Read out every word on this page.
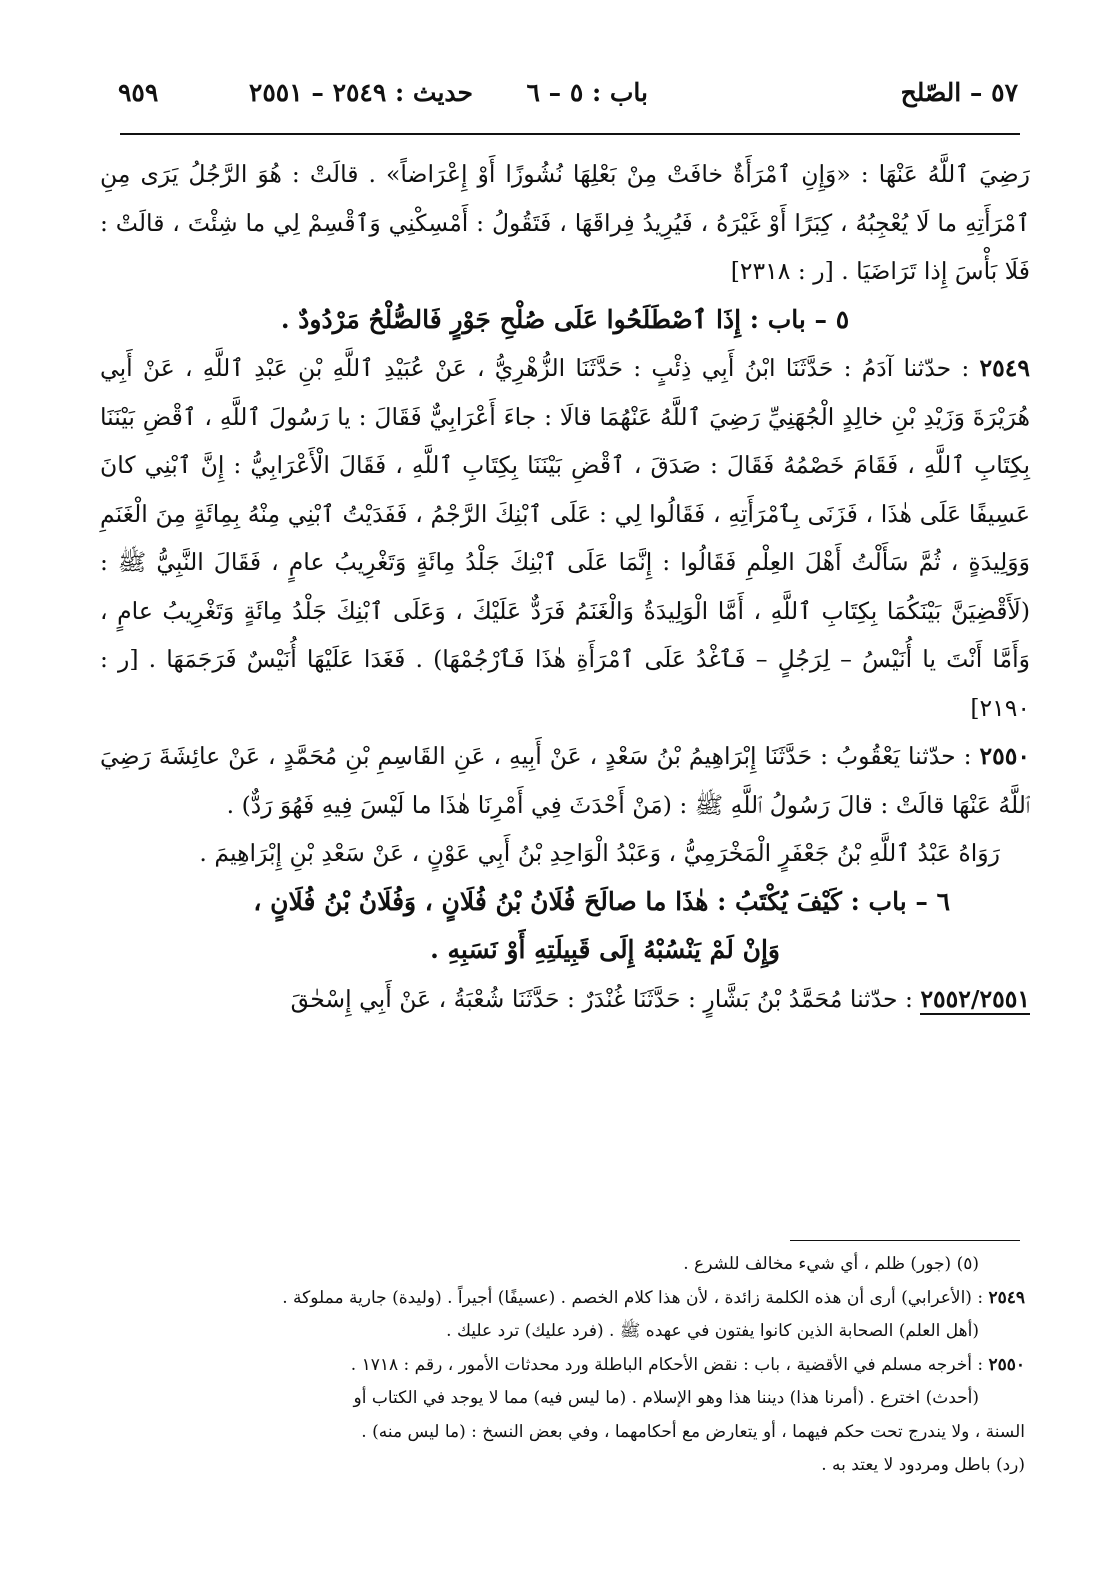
٥٧ – الصّلح
باب : ٥ – ٦
حديث : ٢٥٤٩ – ٢٥٥١
٩٥٩

رَضِيَ ٱللَّهُ عَنْهَا : «وَإِنِ ٱمْرَأَةٌ خافَتْ مِنْ بَعْلِهَا نُشُوزًا أَوْ إِعْرَاضاً» . قالَتْ : هُوَ الرَّجُلُ يَرَى مِنِ ٱمْرَأَتِهِ ما لَا يُعْجِبُهُ ، كِبَرًا أَوْ غَيْرَهُ ، فَيُرِيدُ فِراقَهَا ، فَتَقُولُ : أَمْسِكْنِي وَٱقْسِمْ لِي ما شِئْتَ ، قالَتْ : فَلَا بَأْسَ إِذا تَرَاضَيَا . [ر : ٢٣١٨]

٥ – باب : إِذَا ٱصْطَلَحُوا عَلَى صُلْحِ جَوْرٍ فَالصُّلْحُ مَرْدُودٌ .

٢٥٤٩ : حدّثنا آدَمُ : حَدَّثَنَا ابْنُ أَبِي ذِئْبٍ : حَدَّثَنَا الزُّهْرِيُّ ، عَنْ عُبَيْدِ ٱللَّهِ بْنِ عَبْدِ ٱللَّهِ ، عَنْ أَبِي هُرَيْرَةَ وَزَيْدِ بْنِ خالِدٍ الْجُهَنِيِّ رَضِيَ ٱللَّهُ عَنْهُمَا قالَا : جاءَ أَعْرَابِيٌّ فَقَالَ : يا رَسُولَ ٱللَّهِ ، ٱقْضِ بَيْنَنَا بِكِتَابِ ٱللَّهِ ، فَقَامَ خَصْمُهُ فَقَالَ : صَدَقَ ، ٱقْضِ بَيْنَنَا بِكِتَابِ ٱللَّهِ ، فَقَالَ الْأَعْرَابِيُّ : إِنَّ ٱبْنِي كانَ عَسِيفًا عَلَى هٰذَا ، فَزَنَى بِٱمْرَأَتِهِ ، فَقَالُوا لِي : عَلَى ٱبْنِكَ الرَّجْمُ ، فَفَدَيْتُ ٱبْنِي مِنْهُ بِمِائَةٍ مِنَ الْغَنَمِ وَوَلِيدَةٍ ، ثُمَّ سَأَلْتُ أَهْلَ العِلْمِ فَقَالُوا : إِنَّمَا عَلَى ٱبْنِكَ جَلْدُ مِائَةٍ وَتَغْرِيبُ عامٍ ، فَقَالَ النَّبِيُّ ﷺ : (لَأَقْضِيَنَّ بَيْنَكُمَا بِكِتَابِ ٱللَّهِ ، أَمَّا الْوَلِيدَةُ وَالْغَنَمُ فَرَدٌّ عَلَيْكَ ، وَعَلَى ٱبْنِكَ جَلْدُ مِائَةٍ وَتَغْرِيبُ عامٍ ، وَأَمَّا أَنْتَ يا أُنَيْسُ – لِرَجُلٍ – فَٱغْدُ عَلَى ٱمْرَأَةِ هٰذَا فَٱرْجُمْهَا) . فَغَدَا عَلَيْهَا أُنَيْسٌ فَرَجَمَهَا . [ر : ٢١٩٠]

٢٥٥٠ : حدّثنا يَعْقُوبُ : حَدَّثَنَا إِبْرَاهِيمُ بْنُ سَعْدٍ ، عَنْ أَبِيهِ ، عَنِ القَاسِمِ بْنِ مُحَمَّدٍ ، عَنْ عائِشَةَ رَضِيَ ٱللَّهُ عَنْهَا قالَتْ : قالَ رَسُولُ ٱللَّهِ ﷺ : (مَنْ أَحْدَثَ فِي أَمْرِنَا هٰذَا ما لَيْسَ فِيهِ فَهُوَ رَدٌّ) .

رَوَاهُ عَبْدُ ٱللَّهِ بْنُ جَعْفَرٍ الْمَخْرَمِيُّ ، وَعَبْدُ الْوَاحِدِ بْنُ أَبِي عَوْنٍ ، عَنْ سَعْدِ بْنِ إِبْرَاهِيمَ .

٦ – باب : كَيْفَ يُكْتَبُ : هٰذَا ما صالَحَ فُلَانُ بْنُ فُلَانٍ ، وَفُلَانُ بْنُ فُلَانٍ ،

وَإِنْ لَمْ يَنْسُبْهُ إِلَى قَبِيلَتِهِ أَوْ نَسَبِهِ .

٢٥٥٢/٢٥٥١ : حدّثنا مُحَمَّدُ بْنُ بَشَّارٍ : حَدَّثَنَا غُنْدَرٌ : حَدَّثَنَا شُعْبَةُ ، عَنْ أَبِي إِسْحٰقَ

(٥) (جور) ظلم ، أي شيء مخالف للشرع .

٢٥٤٩ : (الأعرابي) أرى أن هذه الكلمة زائدة ، لأن هذا كلام الخصم . (عسيفًا) أجيراً . (وليدة) جارية مملوكة .

(أهل العلم) الصحابة الذين كانوا يفتون في عهده ﷺ . (فرد عليك) ترد عليك .

٢٥٥٠ : أخرجه مسلم في الأقضية ، باب : نقض الأحكام الباطلة ورد محدثات الأمور ، رقم : ١٧١٨ .

(أحدث) اخترع . (أمرنا هذا) ديننا هذا وهو الإسلام . (ما ليس فيه) مما لا يوجد في الكتاب أو

السنة ، ولا يندرج تحت حكم فيهما ، أو يتعارض مع أحكامهما ، وفي بعض النسخ : (ما ليس منه) .

(رد) باطل ومردود لا يعتد به .
